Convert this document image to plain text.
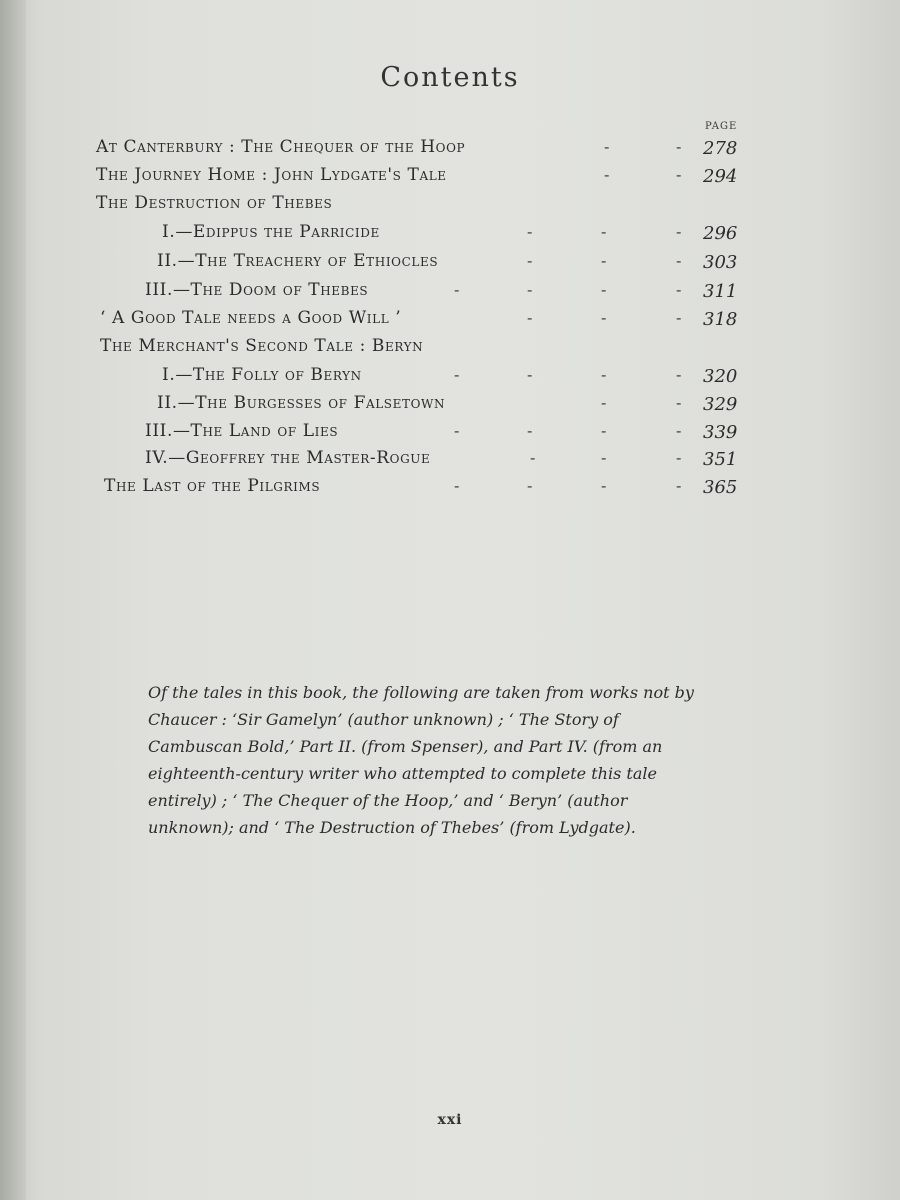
Contents
PAGE
At Canterbury : The Chequer of the Hoop	-	- 278
The Journey Home : John Lydgate's Tale	-	- 294
The Destruction of Thebes
I.—Edippus the Parricide	-	-	- 296
II.—The Treachery of Ethiocles	-	-	- 303
III.—The Doom of Thebes	-	-	-	- 311
‘ A Good Tale needs a Good Will ’	-	-	- 318
The Merchant's Second Tale : Beryn
I.—The Folly of Beryn	-	-	-	- 320
II.—The Burgesses of Falsetown	-	- 329
III.—The Land of Lies	-	-	-	- 339
IV.—Geoffrey the Master-Rogue	-	-	- 351
The Last of the Pilgrims	-	-	-	- 365
Of the tales in this book, the following are taken from works not by Chaucer : ‘Sir Gamelyn’ (author unknown) ; ‘ The Story of Cambuscan Bold,’ Part II. (from Spenser), and Part IV. (from an eighteenth-century writer who attempted to complete this tale entirely) ; ‘ The Chequer of the Hoop,’ and ‘ Beryn’ (author unknown); and ‘ The Destruction of Thebes’ (from Lydgate).
xxi
